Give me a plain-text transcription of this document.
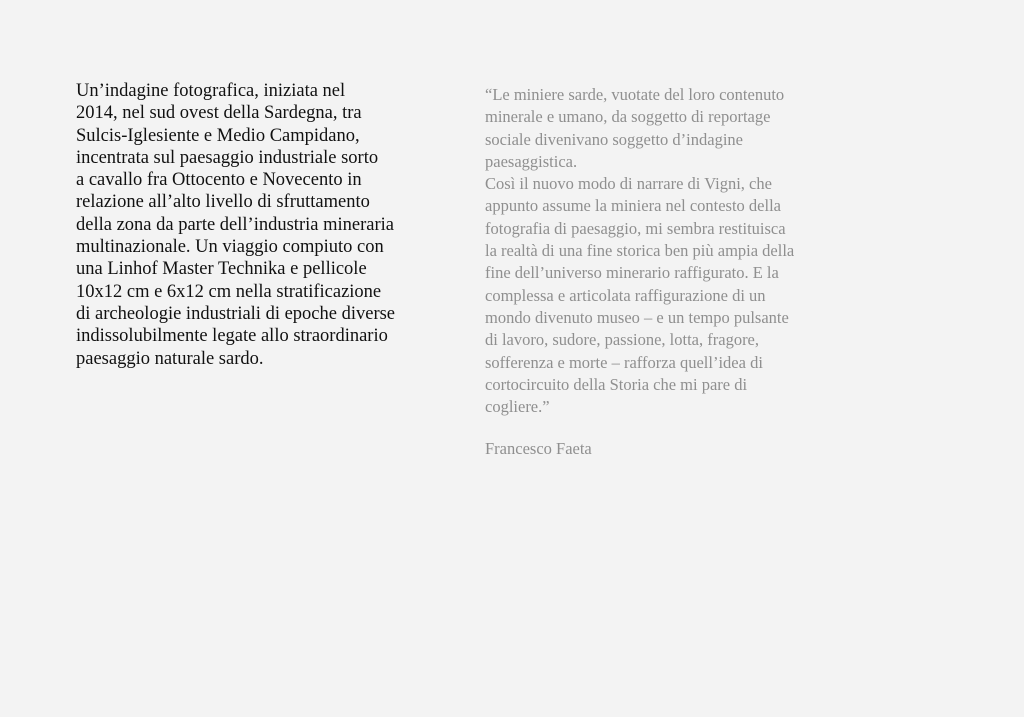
Un’indagine fotografica, iniziata nel
2014, nel sud ovest della Sardegna, tra
Sulcis-Iglesiente e Medio Campidano,
incentrata sul paesaggio industriale sorto
a cavallo fra Ottocento e Novecento in
relazione all’alto livello di sfruttamento
della zona da parte dell’industria mineraria
multinazionale. Un viaggio compiuto con
una Linhof Master Technika e pellicole
10x12 cm e 6x12 cm nella stratificazione
di archeologie industriali di epoche diverse
indissolubilmente legate allo straordinario
paesaggio naturale sardo.
“Le miniere sarde, vuotate del loro contenuto
minerale e umano, da soggetto di reportage
sociale divenivano soggetto d’indagine
paesaggistica.
Così il nuovo modo di narrare di Vigni, che
appunto assume la miniera nel contesto della
fotografia di paesaggio, mi sembra restituisca
la realtà di una fine storica ben più ampia della
fine dell’universo minerario raffigurato. E la
complessa e articolata raffigurazione di un
mondo divenuto museo – e un tempo pulsante
di lavoro, sudore, passione, lotta, fragore,
sofferenza e morte – rafforza quell’idea di
cortocircuito della Storia che mi pare di
cogliere.”
Francesco Faeta
